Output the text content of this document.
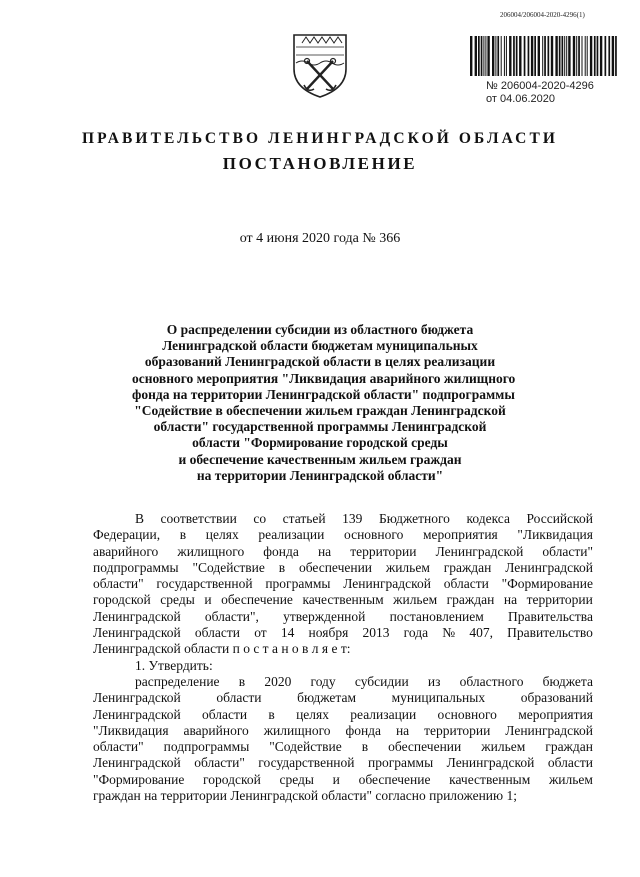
206004/206004-2020-4296(1)
№ 206004-2020-4296
от 04.06.2020
ПРАВИТЕЛЬСТВО ЛЕНИНГРАДСКОЙ ОБЛАСТИ
ПОСТАНОВЛЕНИЕ
от 4 июня 2020 года № 366
О распределении субсидии из областного бюджета
Ленинградской области бюджетам муниципальных
образований Ленинградской области в целях реализации
основного мероприятия "Ликвидация аварийного жилищного
фонда на территории Ленинградской области" подпрограммы
"Содействие в обеспечении жильем граждан Ленинградской
области" государственной программы Ленинградской
области "Формирование городской среды
и обеспечение качественным жильем граждан
на территории Ленинградской области"
В соответствии со статьей 139 Бюджетного кодекса Российской
Федерации, в целях реализации основного мероприятия "Ликвидация
аварийного жилищного фонда на территории Ленинградской области"
подпрограммы "Содействие в обеспечении жильем граждан Ленинградской
области" государственной программы Ленинградской области "Формирование
городской среды и обеспечение качественным жильем граждан на территории
Ленинградской области", утвержденной постановлением Правительства
Ленинградской области от 14 ноября 2013 года № 407, Правительство
Ленинградской области п о с т а н о в л я е т:
1. Утвердить:
распределение в 2020 году субсидии из областного бюджета
Ленинградской	области	бюджетам	муниципальных	образований
Ленинградской области в целях реализации основного мероприятия
"Ликвидация аварийного жилищного фонда на территории Ленинградской
области" подпрограммы "Содействие в обеспечении жильем граждан
Ленинградской области" государственной программы Ленинградской области
"Формирование городской среды и обеспечение качественным жильем
граждан на территории Ленинградской области" согласно приложению 1;
